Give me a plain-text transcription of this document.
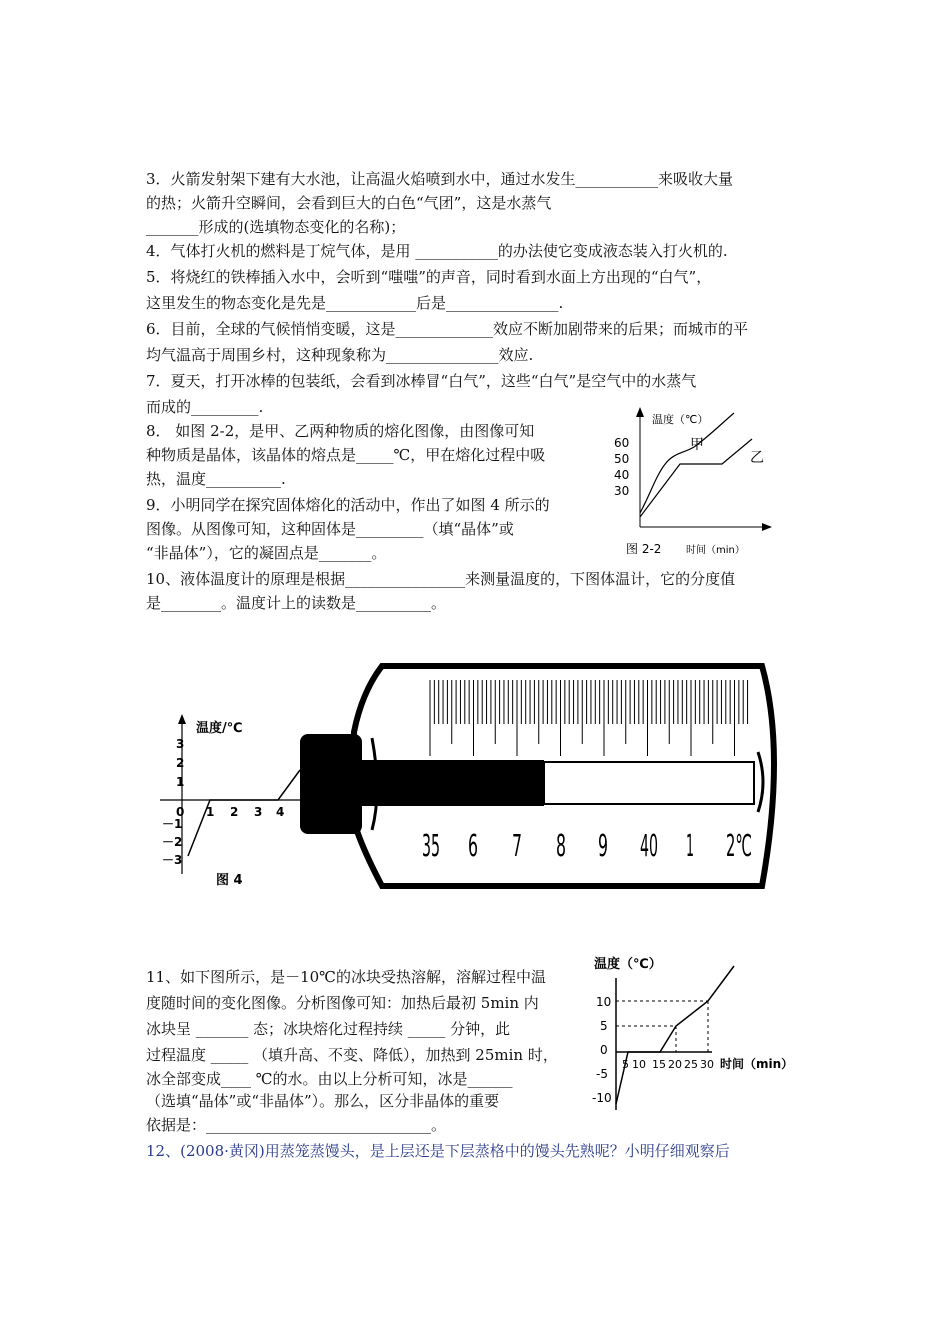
3．火箭发射架下建有大水池，让高温火焰喷到水中，通过水发生___________来吸收大量
的热；火箭升空瞬间，会看到巨大的白色“气团”，这是水蒸气
_______形成的(选填物态变化的名称)；
4．气体打火机的燃料是丁烷气体，是用 ___________的办法使它变成液态装入打火机的.
5．将烧红的铁棒插入水中，会听到“嗤嗤”的声音，同时看到水面上方出现的“白气”，
这里发生的物态变化是先是____________后是_______________.
6．目前，全球的气候悄悄变暖，这是_____________效应不断加剧带来的后果；而城市的平
均气温高于周围乡村，这种现象称为_______________效应.
7．夏天，打开冰棒的包装纸，会看到冰棒冒“白气”，这些“白气”是空气中的水蒸气
而成的_________.
8． 如图 2-2，是甲、乙两种物质的熔化图像，由图像可知
种物质是晶体，该晶体的熔点是_____℃，甲在熔化过程中吸
热，温度__________.
9．小明同学在探究固体熔化的活动中，作出了如图 4 所示的
图像。从图像可知，这种固体是_________（填“晶体”或
“非晶体”），它的凝固点是_______。
10、液体温度计的原理是根据________________来测量温度的，下图体温计，它的分度值
是________。温度计上的读数是__________。
11、如下图所示，是－10℃的冰块受热溶解，溶解过程中温
度随时间的变化图像。分析图像可知：加热后最初 5min 内
冰块呈 _______ 态；冰块熔化过程持续 _____ 分钟，此
过程温度 _____ （填升高、不变、降低），加热到 25min 时，
冰全部变成____ ℃的水。由以上分析可知，冰是______
（选填“晶体”或“非晶体”）。那么，区分非晶体的重要
依据是：______________________________。
12、(2008·黄冈)用蒸笼蒸馒头，是上层还是下层蒸格中的馒头先熟呢？小明仔细观察后
温度（℃）
60
50
40
30
甲
乙
图 2-2 时间（min）
温度/℃
3
2
1
0 1 2 3 4
－1
－2
－3
图 4
35 6 7 8 9 40 1 2℃
温度（℃）
10
5
0
-5
-10
5 10 15 20 25 30 时间（min）
